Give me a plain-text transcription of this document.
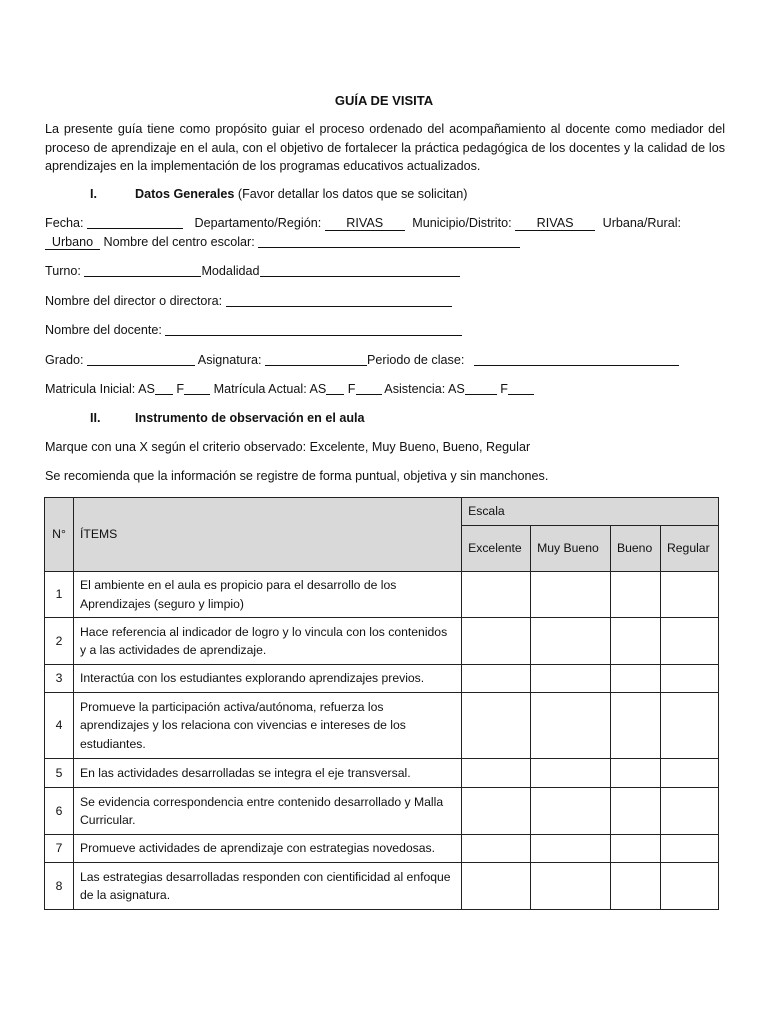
GUÍA DE VISITA
La presente guía tiene como propósito guiar el proceso ordenado del acompañamiento al docente como mediador del proceso de aprendizaje en el aula, con el objetivo de fortalecer la práctica pedagógica de los docentes y la calidad de los aprendizajes en la implementación de los programas educativos actualizados.
I.	Datos Generales (Favor detallar los datos que se solicitan)
Fecha:	Departamento/Región: RIVAS Municipio/Distrito: RIVAS Urbana/Rural:
Urbano Nombre del centro escolar:
Turno:	Modalidad
Nombre del director o directora:
Nombre del docente:
Grado:	Asignatura:	Periodo de clase:
Matricula Inicial: AS F Matrícula Actual: AS F Asistencia: AS	F
II.	Instrumento de observación en el aula
Marque con una X según el criterio observado: Excelente, Muy Bueno, Bueno, Regular
Se recomienda que la información se registre de forma puntual, objetiva y sin manchones.
N°	ÍTEMS	Escala			
		Excelente	Muy Bueno	Bueno	Regular
1	El ambiente en el aula es propicio para el desarrollo de los Aprendizajes (seguro y limpio)				
2	Hace referencia al indicador de logro y lo vincula con los contenidos y a las actividades de aprendizaje.				
3	Interactúa con los estudiantes explorando aprendizajes previos.				
4	Promueve la participación activa/autónoma, refuerza los aprendizajes y los relaciona con vivencias e intereses de los estudiantes.				
5	En las actividades desarrolladas se integra el eje transversal.				
6	Se evidencia correspondencia entre contenido desarrollado y Malla Curricular.				
7	Promueve actividades de aprendizaje con estrategias novedosas.				
8	Las estrategias desarrolladas responden con cientificidad al enfoque de la asignatura.				
